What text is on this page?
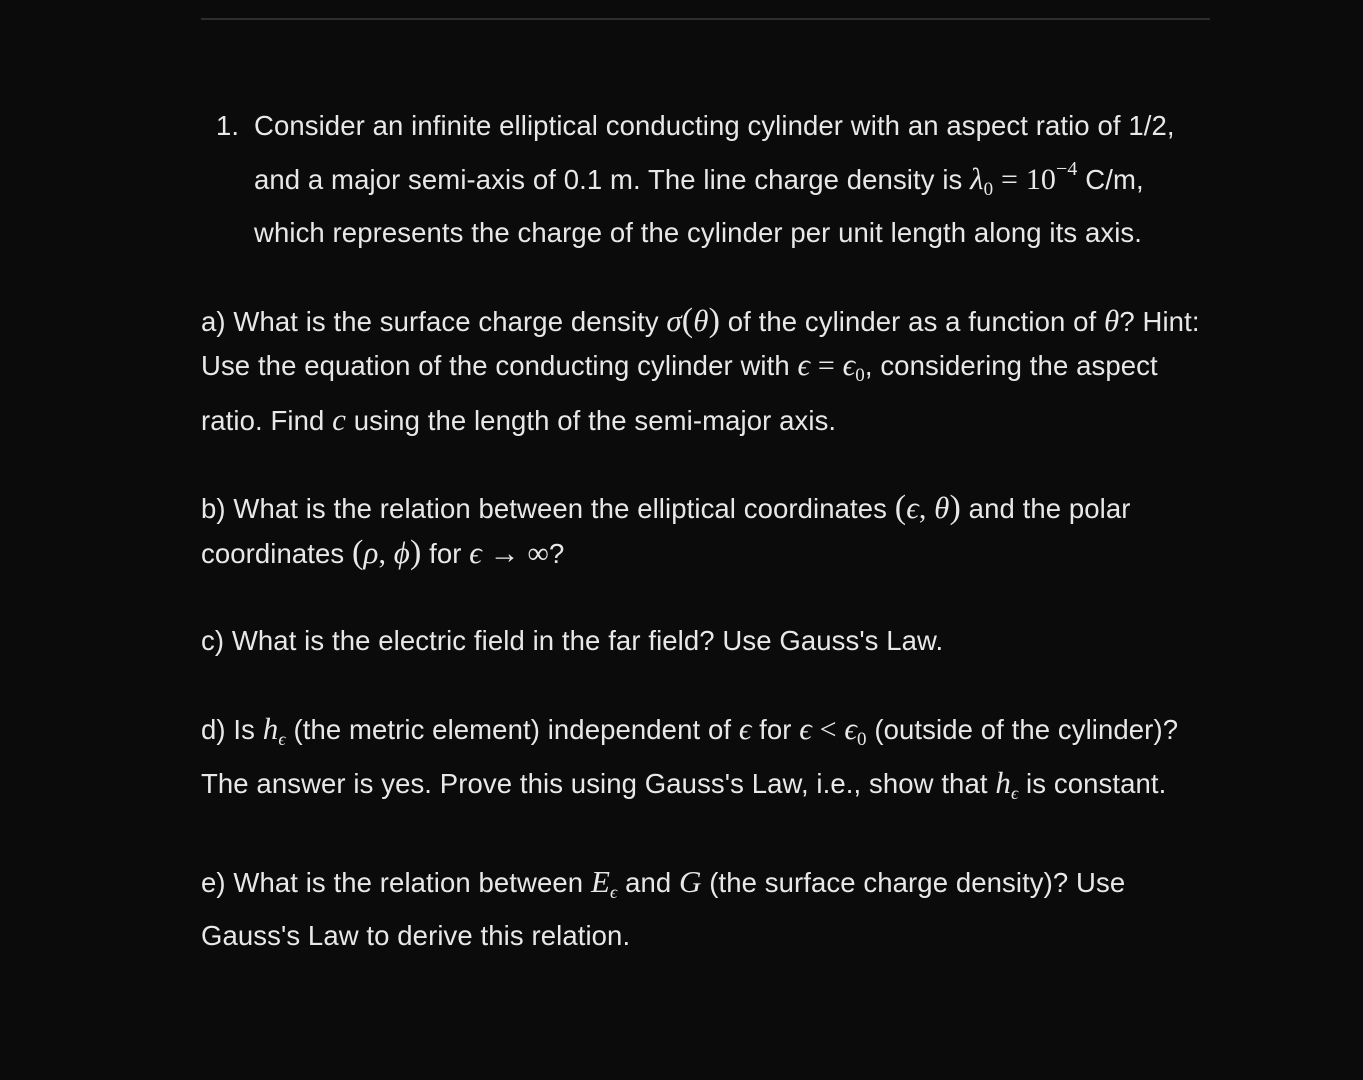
1. Consider an infinite elliptical conducting cylinder with an aspect ratio of 1/2, and a major semi-axis of 0.1 m. The line charge density is $\lambda_0 = 10^{-4}$ C/m, which represents the charge of the cylinder per unit length along its axis.

a) What is the surface charge density σ(θ) of the cylinder as a function of θ? Hint: Use the equation of the conducting cylinder with $\epsilon = \epsilon_0$, considering the aspect ratio. Find c using the length of the semi-major axis.

b) What is the relation between the elliptical coordinates (ϵ, θ) and the polar coordinates (ρ, ϕ) for ϵ → ∞?

c) What is the electric field in the far field? Use Gauss's Law.

d) Is $h_\epsilon$ (the metric element) independent of ϵ for $\epsilon < \epsilon_0$ (outside of the cylinder)? The answer is yes. Prove this using Gauss's Law, i.e., show that $h_\epsilon$ is constant.

e) What is the relation between $E_\epsilon$ and G (the surface charge density)? Use Gauss's Law to derive this relation.
